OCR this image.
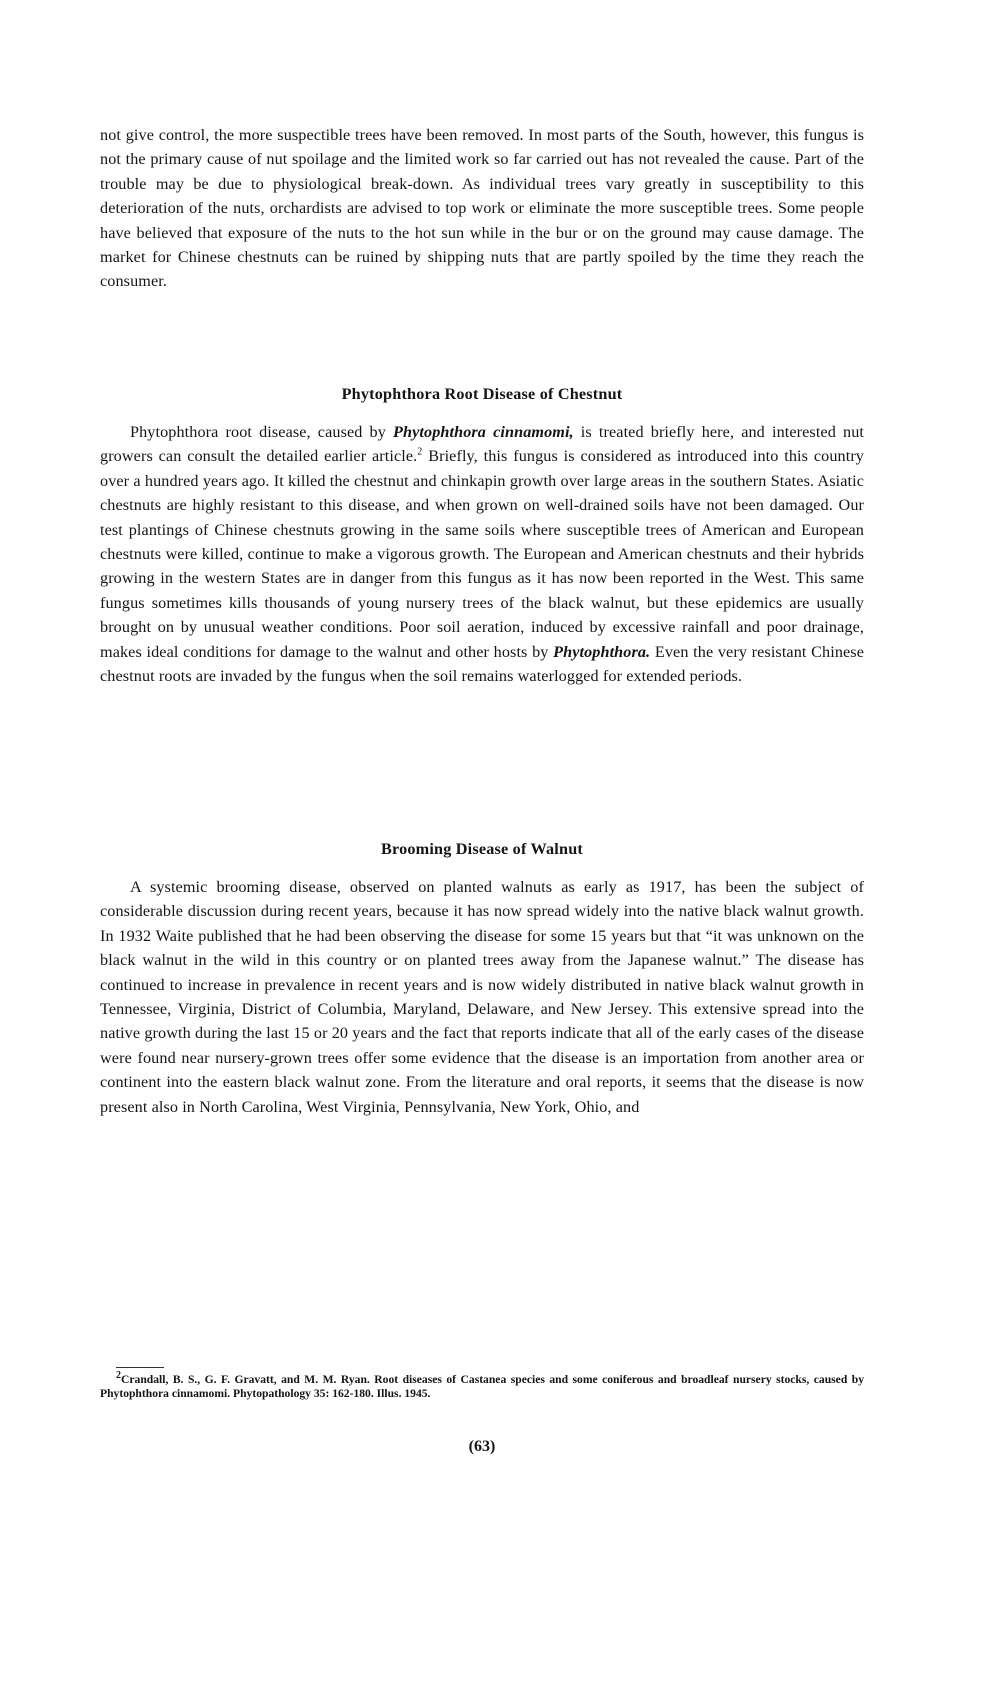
not give control, the more suspectible trees have been removed. In most parts of the South, however, this fungus is not the primary cause of nut spoilage and the limited work so far carried out has not revealed the cause. Part of the trouble may be due to physiological break-down. As individual trees vary greatly in susceptibility to this deterioration of the nuts, orchardists are advised to top work or eliminate the more susceptible trees. Some people have believed that exposure of the nuts to the hot sun while in the bur or on the ground may cause damage. The market for Chinese chestnuts can be ruined by shipping nuts that are partly spoiled by the time they reach the consumer.

Phytophthora Root Disease of Chestnut

Phytophthora root disease, caused by Phytophthora cinnamomi, is treated briefly here, and interested nut growers can consult the detailed earlier article.$^2$ Briefly, this fungus is considered as introduced into this country over a hundred years ago. It killed the chestnut and chinkapin growth over large areas in the southern States. Asiatic chestnuts are highly resistant to this disease, and when grown on well-drained soils have not been damaged. Our test plantings of Chinese chestnuts growing in the same soils where susceptible trees of American and European chestnuts were killed, continue to make a vigorous growth. The European and American chestnuts and their hybrids growing in the western States are in danger from this fungus as it has now been reported in the West. This same fungus sometimes kills thousands of young nursery trees of the black walnut, but these epidemics are usually brought on by unusual weather conditions. Poor soil aeration, induced by excessive rainfall and poor drainage, makes ideal conditions for damage to the walnut and other hosts by Phytophthora. Even the very resistant Chinese chestnut roots are invaded by the fungus when the soil remains waterlogged for extended periods.

Brooming Disease of Walnut

A systemic brooming disease, observed on planted walnuts as early as 1917, has been the subject of considerable discussion during recent years, because it has now spread widely into the native black walnut growth. In 1932 Waite published that he had been observing the disease for some 15 years but that “it was unknown on the black walnut in the wild in this country or on planted trees away from the Japanese walnut.” The disease has continued to increase in prevalence in recent years and is now widely distributed in native black walnut growth in Tennessee, Virginia, District of Columbia, Maryland, Delaware, and New Jersey. This extensive spread into the native growth during the last 15 or 20 years and the fact that reports indicate that all of the early cases of the disease were found near nursery-grown trees offer some evidence that the disease is an importation from another area or continent into the eastern black walnut zone. From the literature and oral reports, it seems that the disease is now present also in North Carolina, West Virginia, Pennsylvania, New York, Ohio, and

$^2$Crandall, B. S., G. F. Gravatt, and M. M. Ryan. Root diseases of Castanea species and some coniferous and broadleaf nursery stocks, caused by Phytophthora cinnamomi. Phytopathology 35: 162-180. Illus. 1945.
(63)
